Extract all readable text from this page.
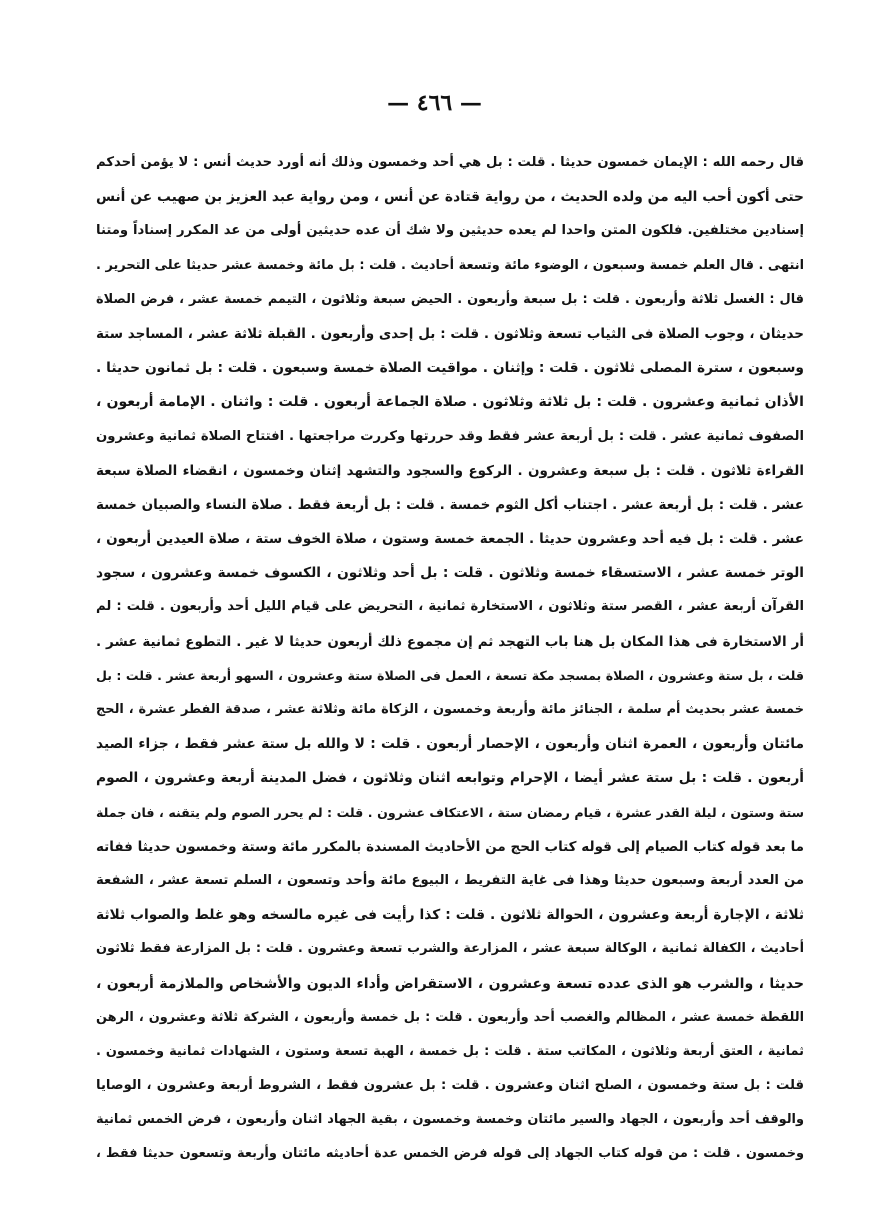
— ٤٦٦ —
قال رحمه الله : الإيمان خمسون حديثا . قلت : بل هي أحد وخمسون وذلك أنه أورد حديث أنس : لا يؤمن أحدكم
حتى أكون أحب اليه من ولده الحديث ، من رواية قتادة عن أنس ، ومن رواية عبد العزيز بن صهيب عن أنس
إسنادين مختلفين. فلكون المتن واحدا لم يعده حديثين ولا شك أن عده حديثين أولى من عد المكرر إسناداً ومتنا
انتهى . قال العلم خمسة وسبعون ، الوضوء مائة وتسعة أحاديث . قلت : بل مائة وخمسة عشر حديثا على التحرير .
قال : الغسل ثلاثة وأربعون . قلت : بل سبعة وأربعون . الحيض سبعة وثلاثون ، التيمم خمسة عشر ، فرض الصلاة
حديثان ، وجوب الصلاة فى الثياب تسعة وثلاثون . قلت : بل إحدى وأربعون . القبلة ثلاثة عشر ، المساجد ستة
وسبعون ، سترة المصلى ثلاثون . قلت : وإثنان . مواقيت الصلاة خمسة وسبعون . قلت : بل ثمانون حديثا .
الأذان ثمانية وعشرون . قلت : بل ثلاثة وثلاثون . صلاة الجماعة أربعون . قلت : واثنان . الإمامة أربعون ،
الصفوف ثمانية عشر . قلت : بل أربعة عشر فقط وقد حررتها وكررت مراجعتها . افتتاح الصلاة ثمانية وعشرون
القراءة ثلاثون . قلت : بل سبعة وعشرون . الركوع والسجود والتشهد إثنان وخمسون ، انقضاء الصلاة سبعة
عشر . قلت : بل أربعة عشر . اجتناب أكل الثوم خمسة . قلت : بل أربعة فقط . صلاة النساء والصبيان خمسة
عشر . قلت : بل فيه أحد وعشرون حديثا . الجمعة خمسة وستون ، صلاة الخوف ستة ، صلاة العيدين أربعون ،
الوتر خمسة عشر ، الاستسقاء خمسة وثلاثون . قلت : بل أحد وثلاثون ، الكسوف خمسة وعشرون ، سجود
القرآن أربعة عشر ، القصر ستة وثلاثون ، الاستخارة ثمانية ، التحريض على قيام الليل أحد وأربعون . قلت : لم
أر الاستخارة فى هذا المكان بل هنا باب التهجد ثم إن مجموع ذلك أربعون حديثا لا غير . التطوع ثمانية عشر .
قلت ، بل ستة وعشرون ، الصلاة بمسجد مكة تسعة ، العمل فى الصلاة ستة وعشرون ، السهو أربعة عشر . قلت : بل
خمسة عشر بحديث أم سلمة ، الجنائز مائة وأربعة وخمسون ، الزكاة مائة وثلاثة عشر ، صدقة الفطر عشرة ، الحج
مائتان وأربعون ، العمرة اثنان وأربعون ، الإحصار أربعون . قلت : لا والله بل ستة عشر فقط ، جزاء الصيد
أربعون . قلت : بل ستة عشر أيضا ، الإحرام وتوابعه اثنان وثلاثون ، فضل المدينة أربعة وعشرون ، الصوم
ستة وستون ، ليلة القدر عشرة ، قيام رمضان ستة ، الاعتكاف عشرون . قلت : لم يحرر الصوم ولم يتقنه ، فان جملة
ما بعد قوله كتاب الصيام إلى قوله كتاب الحج من الأحاديث المسندة بالمكرر مائة وستة وخمسون حديثا ففاته
من العدد أربعة وسبعون حديثا وهذا فى غاية التفريط ، البيوع مائة وأحد وتسعون ، السلم تسعة عشر ، الشفعة
ثلاثة ، الإجارة أربعة وعشرون ، الحوالة ثلاثون . قلت : كذا رأيت فى غيره مالسخه وهو غلط والصواب ثلاثة
أحاديث ، الكفالة ثمانية ، الوكالة سبعة عشر ، المزارعة والشرب تسعة وعشرون . قلت : بل المزارعة فقط ثلاثون
حديثا ، والشرب هو الذى عدده تسعة وعشرون ، الاستقراض وأداء الديون والأشخاص والملازمة أربعون ،
اللقطة خمسة عشر ، المظالم والغصب أحد وأربعون . قلت : بل خمسة وأربعون ، الشركة ثلاثة وعشرون ، الرهن
ثمانية ، العتق أربعة وثلاثون ، المكاتب ستة . قلت : بل خمسة ، الهبة تسعة وستون ، الشهادات ثمانية وخمسون .
قلت : بل ستة وخمسون ، الصلح اثنان وعشرون . قلت : بل عشرون فقط ، الشروط أربعة وعشرون ، الوصايا
والوقف أحد وأربعون ، الجهاد والسير مائتان وخمسة وخمسون ، بقية الجهاد اثنان وأربعون ، فرض الخمس ثمانية
وخمسون . قلت : من قوله كتاب الجهاد إلى قوله فرض الخمس عدة أحاديثه مائتان وأربعة وتسعون حديثا فقط ،
